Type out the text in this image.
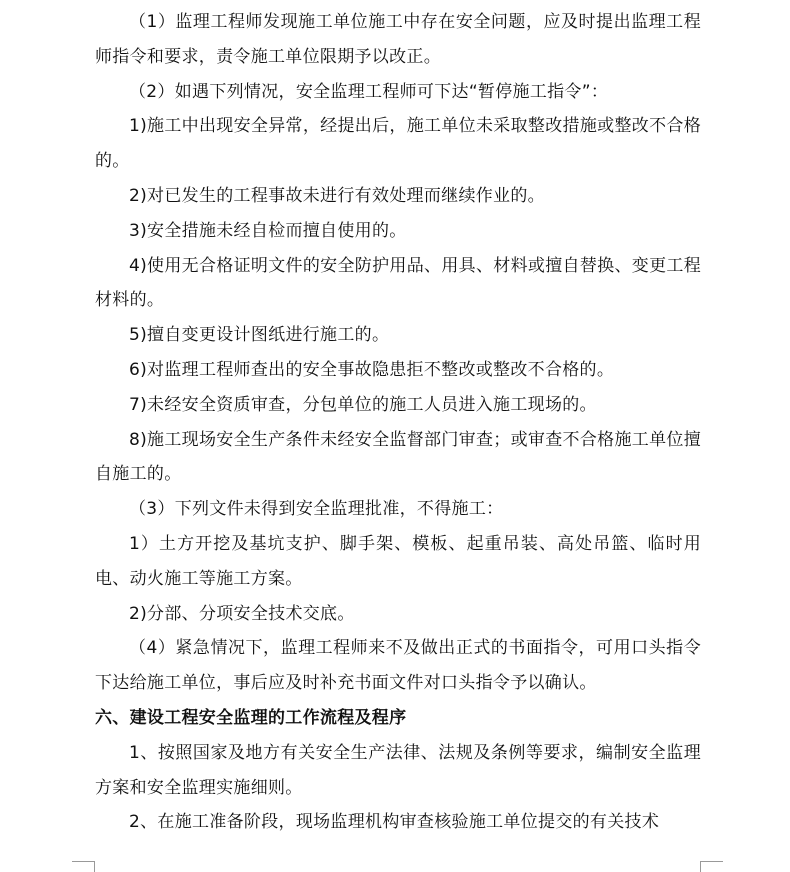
（1）监理工程师发现施工单位施工中存在安全问题，应及时提出监理工程师指令和要求，责令施工单位限期予以改正。

（2）如遇下列情况，安全监理工程师可下达“暂停施工指令”：

1)施工中出现安全异常，经提出后，施工单位未采取整改措施或整改不合格的。

2)对已发生的工程事故未进行有效处理而继续作业的。

3)安全措施未经自检而擅自使用的。

4)使用无合格证明文件的安全防护用品、用具、材料或擅自替换、变更工程材料的。

5)擅自变更设计图纸进行施工的。

6)对监理工程师查出的安全事故隐患拒不整改或整改不合格的。

7)未经安全资质审查，分包单位的施工人员进入施工现场的。

8)施工现场安全生产条件未经安全监督部门审查；或审查不合格施工单位擅自施工的。

（3）下列文件未得到安全监理批准，不得施工：

1）土方开挖及基坑支护、脚手架、模板、起重吊装、高处吊篮、临时用电、动火施工等施工方案。

2)分部、分项安全技术交底。

（4）紧急情况下，监理工程师来不及做出正式的书面指令，可用口头指令下达给施工单位，事后应及时补充书面文件对口头指令予以确认。

六、建设工程安全监理的工作流程及程序

1、按照国家及地方有关安全生产法律、法规及条例等要求，编制安全监理方案和安全监理实施细则。

2、在施工准备阶段，现场监理机构审查核验施工单位提交的有关技术
